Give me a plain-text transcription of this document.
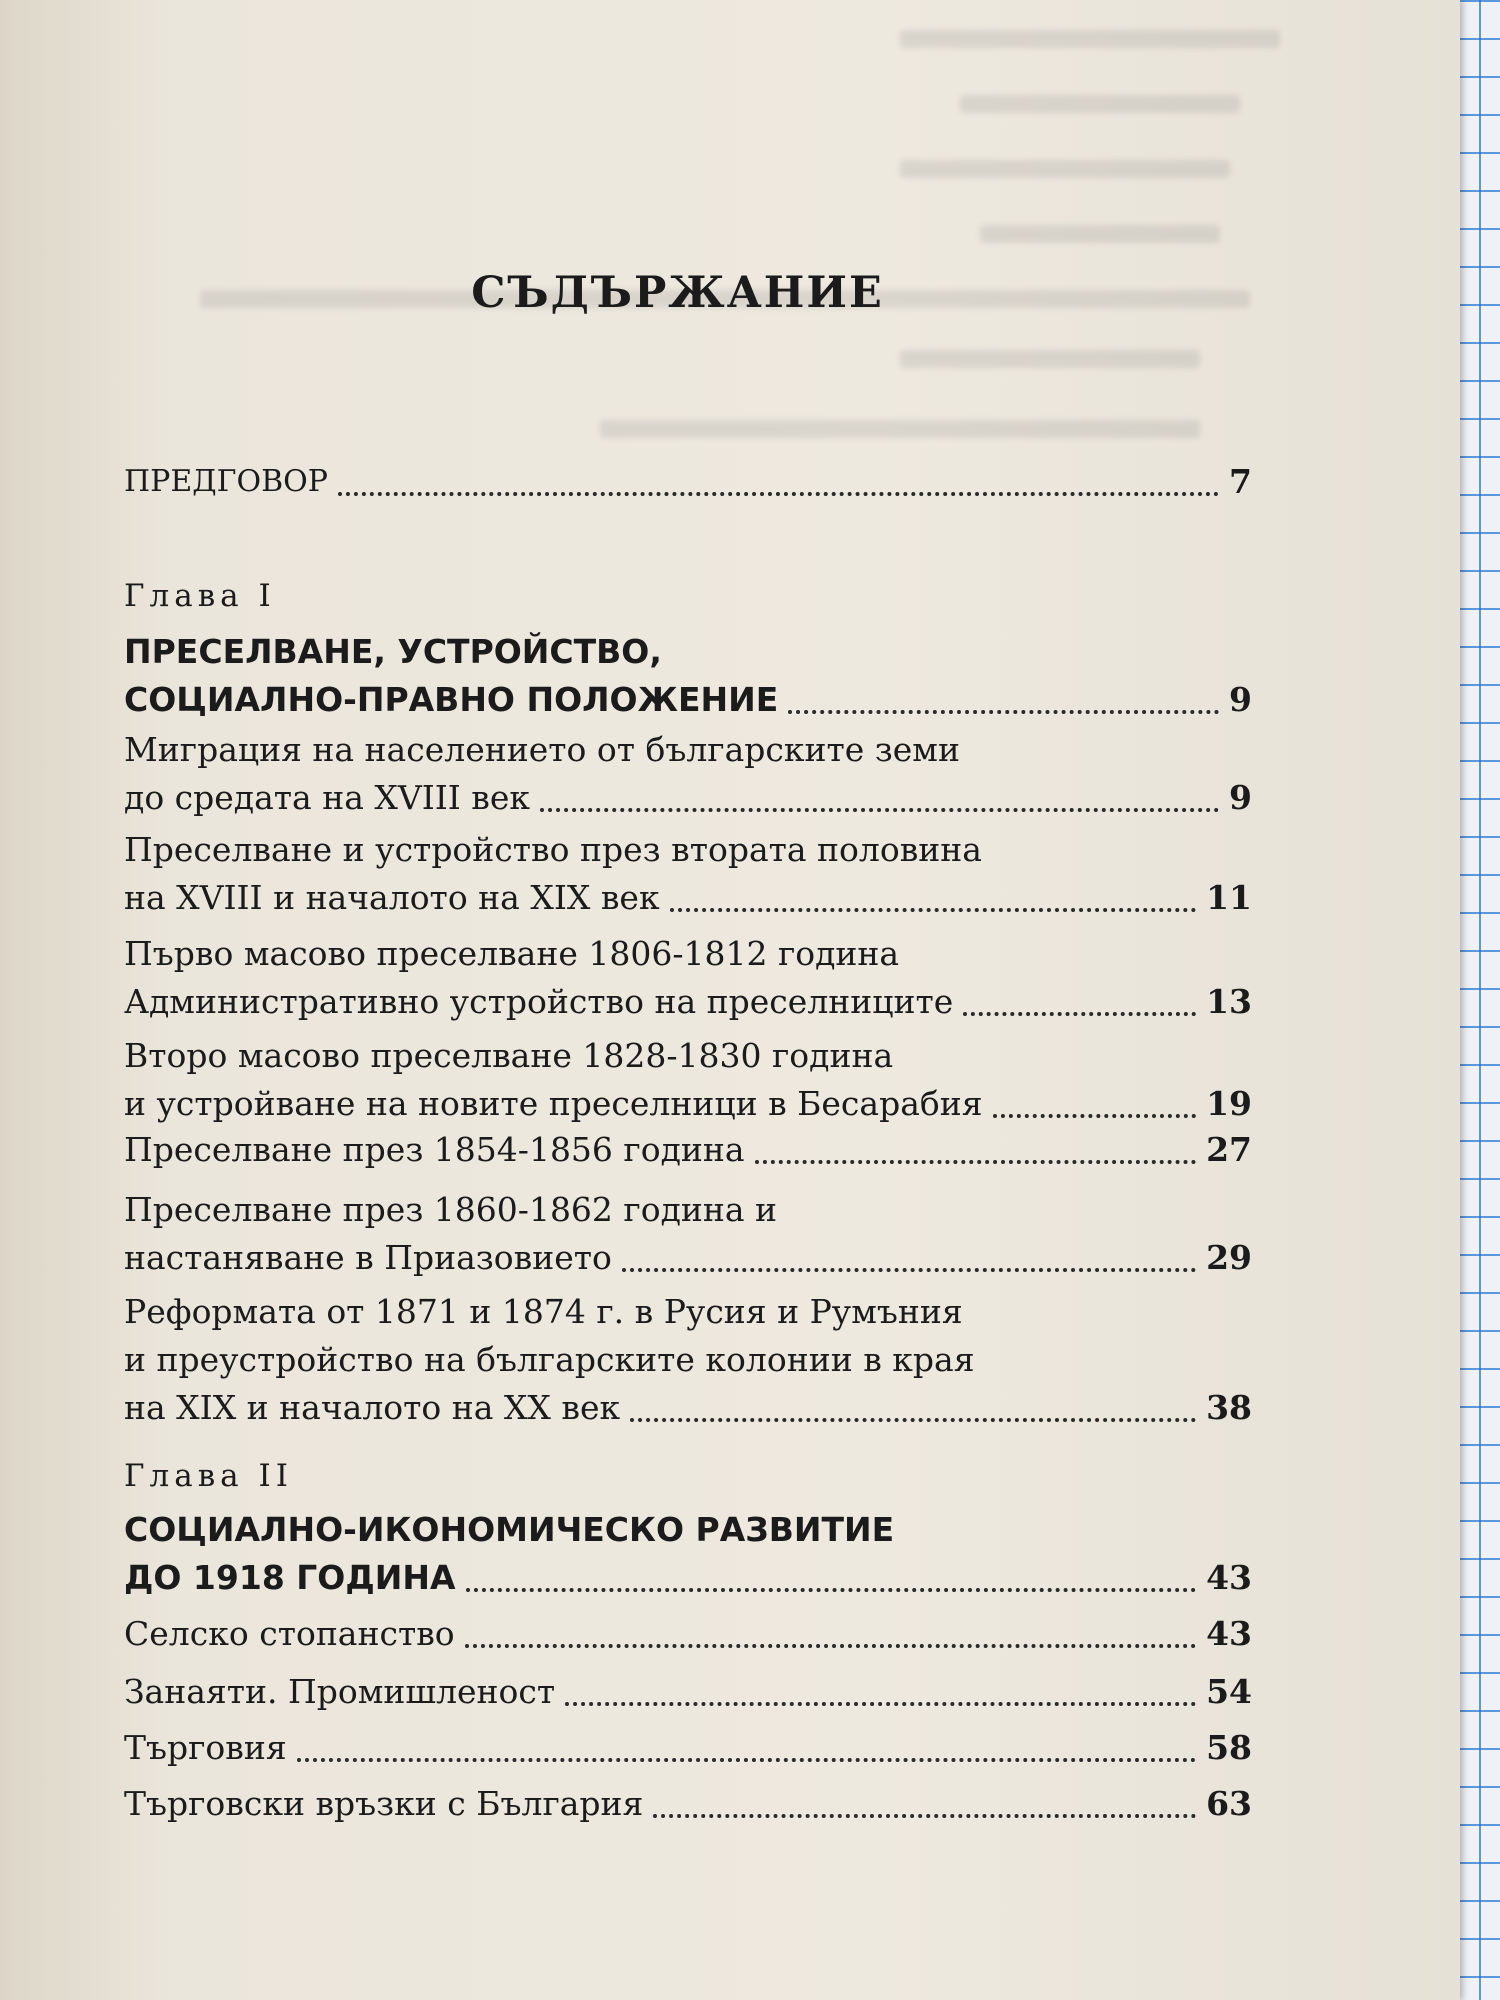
СЪДЪРЖАНИЕ
ПРЕДГОВОР	7
Глава I
ПРЕСЕЛВАНЕ, УСТРОЙСТВО,
СОЦИАЛНО-ПРАВНО ПОЛОЖЕНИЕ	9
Миграция на населението от българските земи
до средата на XVIII век	9
Преселване и устройство през втората половина
на XVIII и началото на XIX век	11
Първо масово преселване 1806-1812 година
Административно устройство на преселниците	13
Второ масово преселване 1828-1830 година
и устройване на новите преселници в Бесарабия	19
Преселване през 1854-1856 година	27
Преселване през 1860-1862 година и
настаняване в Приазовието	29
Реформата от 1871 и 1874 г. в Русия и Румъния
и преустройство на българските колонии в края
на XIX и началото на XX век	38
Глава II
СОЦИАЛНО-ИКОНОМИЧЕСКО РАЗВИТИЕ
ДО 1918 ГОДИНА	43
Селско стопанство	43
Занаяти. Промишленост	54
Търговия	58
Търговски връзки с България	63
